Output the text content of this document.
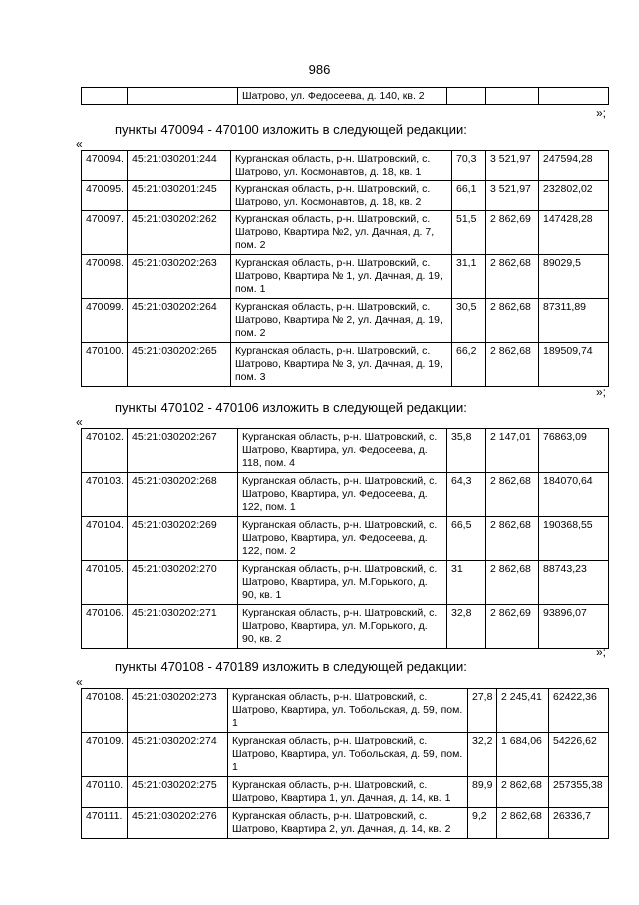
986
		Шатрово, ул. Федосеева, д. 140, кв. 2			
»;
пункты 470094 - 470100 изложить в следующей редакции:
«
470094.	45:21:030201:244	Курганская область, р-н. Шатровский, с. Шатрово, ул. Космонавтов, д. 18, кв. 1	70,3	3 521,97	247594,28
470095.	45:21:030201:245	Курганская область, р-н. Шатровский, с. Шатрово, ул. Космонавтов, д. 18, кв. 2	66,1	3 521,97	232802,02
470097.	45:21:030202:262	Курганская область, р-н. Шатровский, с. Шатрово, Квартира №2, ул. Дачная, д. 7, пом. 2	51,5	2 862,69	147428,28
470098.	45:21:030202:263	Курганская область, р-н. Шатровский, с. Шатрово, Квартира № 1, ул. Дачная, д. 19, пом. 1	31,1	2 862,68	89029,5
470099.	45:21:030202:264	Курганская область, р-н. Шатровский, с. Шатрово, Квартира № 2, ул. Дачная, д. 19, пом. 2	30,5	2 862,68	87311,89
470100.	45:21:030202:265	Курганская область, р-н. Шатровский, с. Шатрово, Квартира № 3, ул. Дачная, д. 19, пом. 3	66,2	2 862,68	189509,74
»;
пункты 470102 - 470106 изложить в следующей редакции:
«
470102.	45:21:030202:267	Курганская область, р-н. Шатровский, с. Шатрово, Квартира, ул. Федосеева, д. 118, пом. 4	35,8	2 147,01	76863,09
470103.	45:21:030202:268	Курганская область, р-н. Шатровский, с. Шатрово, Квартира, ул. Федосеева, д. 122, пом. 1	64,3	2 862,68	184070,64
470104.	45:21:030202:269	Курганская область, р-н. Шатровский, с. Шатрово, Квартира, ул. Федосеева, д. 122, пом. 2	66,5	2 862,68	190368,55
470105.	45:21:030202:270	Курганская область, р-н. Шатровский, с. Шатрово, Квартира, ул. М.Горького, д. 90, кв. 1	31	2 862,68	88743,23
470106.	45:21:030202:271	Курганская область, р-н. Шатровский, с. Шатрово, Квартира, ул. М.Горького, д. 90, кв. 2	32,8	2 862,69	93896,07
»;
пункты 470108 - 470189 изложить в следующей редакции:
«
470108.	45:21:030202:273	Курганская область, р-н. Шатровский, с. Шатрово, Квартира, ул. Тобольская, д. 59, пом. 1	27,8	2 245,41	62422,36
470109.	45:21:030202:274	Курганская область, р-н. Шатровский, с. Шатрово, Квартира, ул. Тобольская, д. 59, пом. 1	32,2	1 684,06	54226,62
470110.	45:21:030202:275	Курганская область, р-н. Шатровский, с. Шатрово, Квартира 1, ул. Дачная, д. 14, кв. 1	89,9	2 862,68	257355,38
470111.	45:21:030202:276	Курганская область, р-н. Шатровский, с. Шатрово, Квартира 2, ул. Дачная, д. 14, кв. 2	9,2	2 862,68	26336,7
